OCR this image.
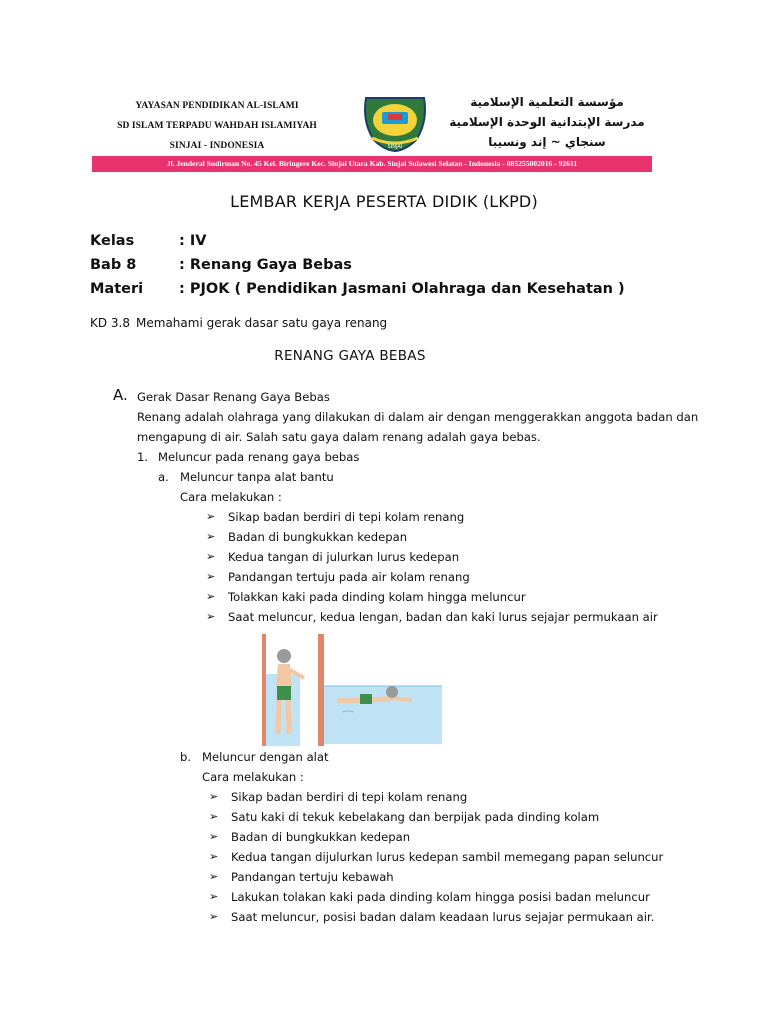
YAYASAN PENDIDIKAN AL-ISLAMI
SD ISLAM TERPADU WAHDAH ISLAMIYAH
SINJAI - INDONESIA	SINJAI
مؤسسة التعلمية الإسلامية
مدرسة الإبتدانية الوحدة الإسلامية
سنجاي ~ إند ونسيبا
Jl. Jenderal Sudirman No. 45 Kel. Biringere Kec. Sinjai Utara Kab. Sinjai Sulawesi Selatan - Indonesia - 085255002016 - 92611
LEMBAR KERJA PESERTA DIDIK (LKPD)
Kelas	: IV
Bab 8	: Renang Gaya Bebas
Materi : PJOK ( Pendidikan Jasmani Olahraga dan Kesehatan )
KD 3.8 Memahami gerak dasar satu gaya renang
RENANG GAYA BEBAS
A. Gerak Dasar Renang Gaya Bebas
Renang adalah olahraga yang dilakukan di dalam air dengan menggerakkan anggota badan dan
mengapung di air. Salah satu gaya dalam renang adalah gaya bebas.
1. Meluncur pada renang gaya bebas
a. Meluncur tanpa alat bantu
Cara melakukan :
➢ Sikap badan berdiri di tepi kolam renang
➢ Badan di bungkukkan kedepan
➢ Kedua tangan di julurkan lurus kedepan
➢ Pandangan tertuju pada air kolam renang
➢ Tolakkan kaki pada dinding kolam hingga meluncur
➢ Saat meluncur, kedua lengan, badan dan kaki lurus sejajar permukaan air
b. Meluncur dengan alat
Cara melakukan :
➢ Sikap badan berdiri di tepi kolam renang
➢ Satu kaki di tekuk kebelakang dan berpijak pada dinding kolam
➢ Badan di bungkukkan kedepan
➢ Kedua tangan dijulurkan lurus kedepan sambil memegang papan seluncur
➢ Pandangan tertuju kebawah
➢ Lakukan tolakan kaki pada dinding kolam hingga posisi badan meluncur
➢ Saat meluncur, posisi badan dalam keadaan lurus sejajar permukaan air.
